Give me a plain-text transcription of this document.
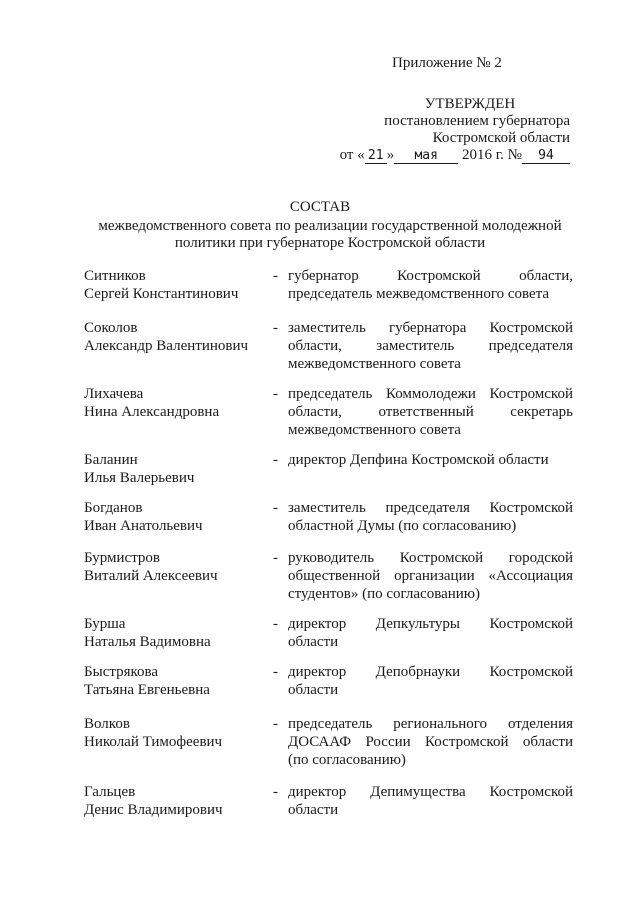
Приложение № 2
УТВЕРЖДЕН
постановлением губернатора
Костромской области
от « 21 » мая 2016 г. № 94
СОСТАВ
межведомственного совета по реализации государственной молодежной
политики при губернаторе Костромской области
Ситников
Сергей Константинович
- губернатор Костромской области,
председатель межведомственного совета
Соколов
Александр Валентинович
- заместитель губернатора Костромской
области, заместитель председателя
межведомственного совета
Лихачева
Нина Александровна
- председатель Коммолодежи Костромской
области, ответственный секретарь
межведомственного совета
Баланин
Илья Валерьевич
- директор Депфина Костромской области
Богданов
Иван Анатольевич
- заместитель председателя Костромской
областной Думы (по согласованию)
Бурмистров
Виталий Алексеевич
- руководитель Костромской городской
общественной организации «Ассоциация
студентов» (по согласованию)
Бурша
Наталья Вадимовна
- директор Депкультуры Костромской
области
Быстрякова
Татьяна Евгеньевна
- директор Депобрнауки Костромской
области
Волков
Николай Тимофеевич
- председатель регионального отделения
ДОСААФ России Костромской области
(по согласованию)
Гальцев
Денис Владимирович
- директор Депимущества Костромской
области
